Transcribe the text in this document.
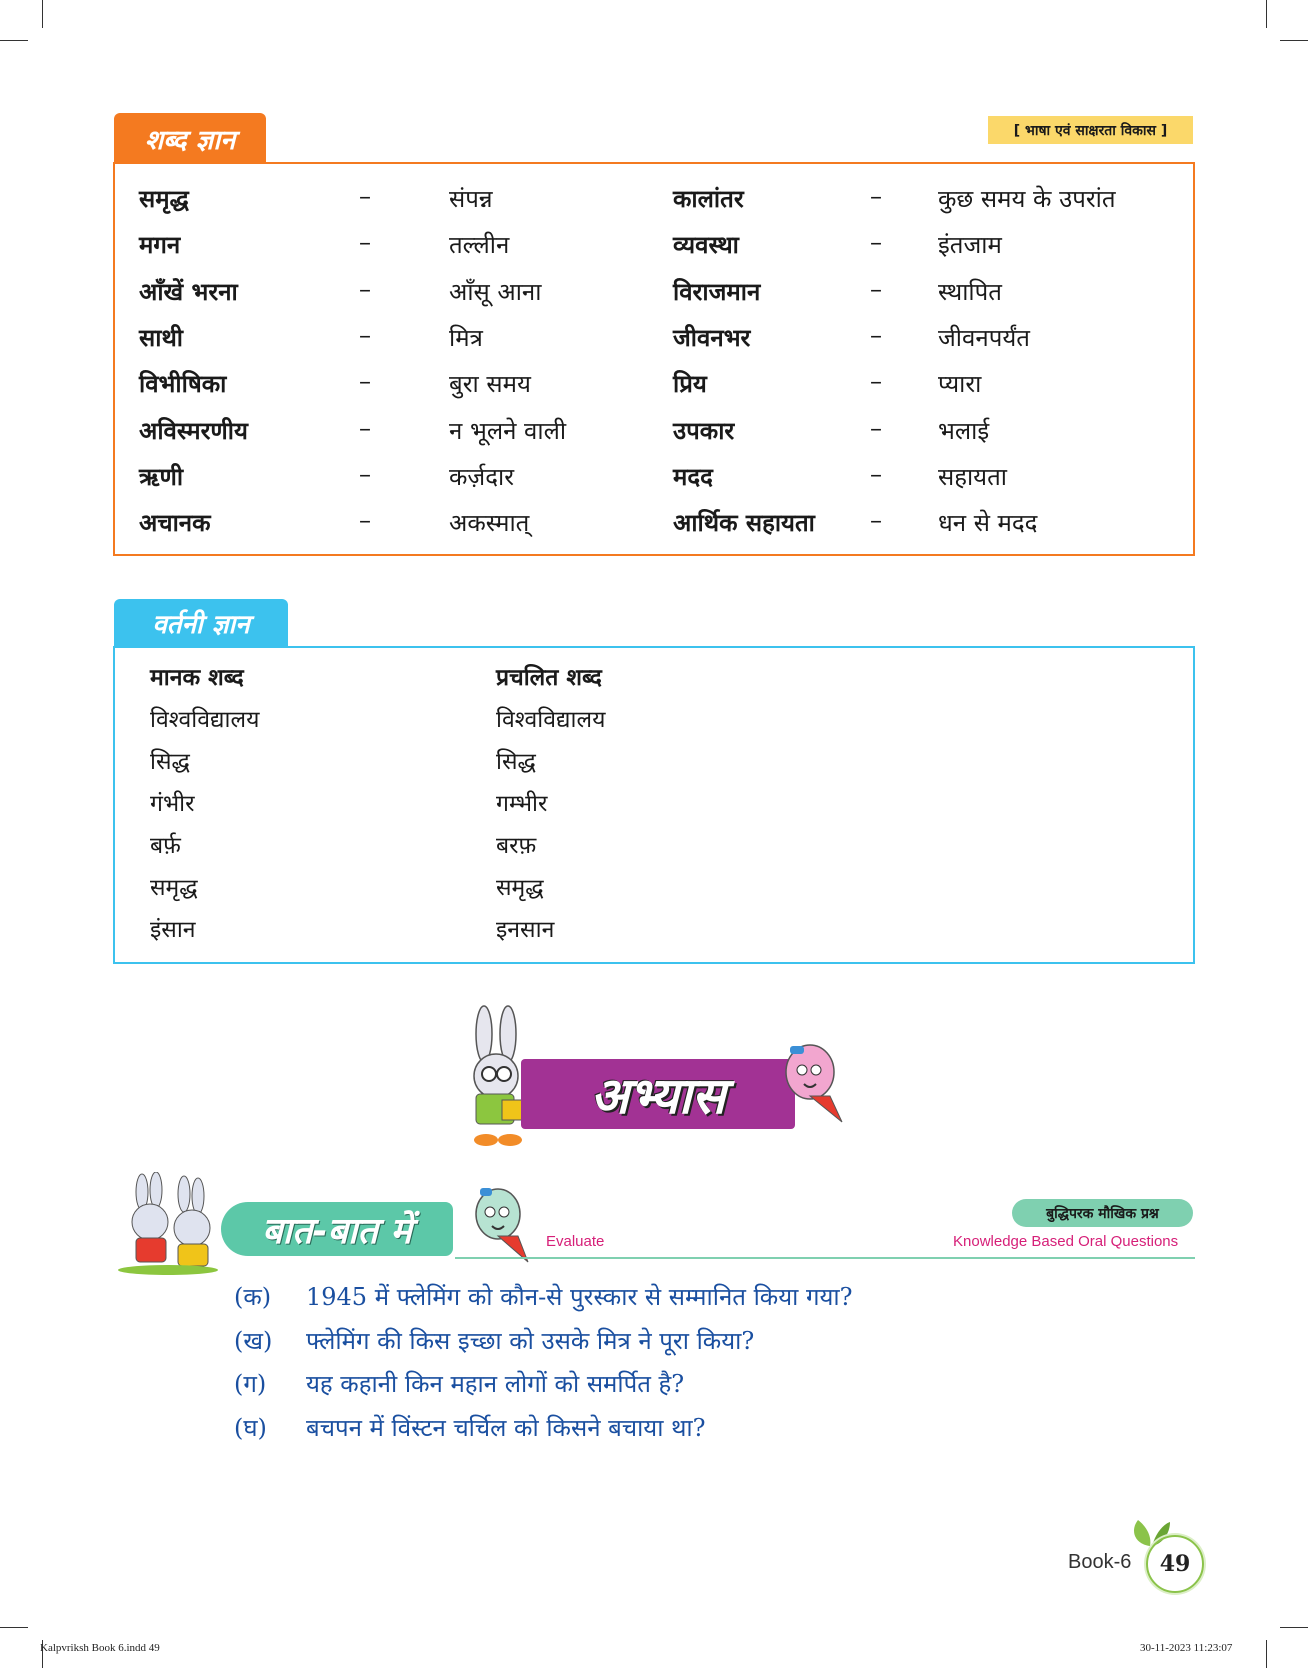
शब्द ज्ञान	[ भाषा एवं साक्षरता विकास ]
समृद्ध	–	संपन्न	कालांतर	– कुछ समय के उपरांत
मगन	–	तल्लीन	व्यवस्था	– इंतजाम
आँखें भरना	–	आँसू आना	विराजमान	– स्थापित
साथी	–	मित्र	जीवनभर	– जीवनपर्यंत
विभीषिका	–	बुरा समय	प्रिय	– प्यारा
अविस्मरणीय	–	न भूलने वाली	उपकार	– भलाई
ऋणी	–	कर्ज़दार	मदद	– सहायता
अचानक	–	अकस्मात्	आर्थिक सहायता – धन से मदद
वर्तनी ज्ञान
मानक शब्द	प्रचलित शब्द
विश्वविद्यालय	विश्वविद्यालय
सिद्ध	सिद्ध
गंभीर	गम्भीर
बर्फ़	बरफ़
समृद्ध	समृद्ध
इंसान	इनसान
अभ्यास
बात-बात में	Evaluate
बुद्धिपरक मौखिक प्रश्न
Knowledge Based Oral Questions
(क) 1945 में फ्लेमिंग को कौन-से पुरस्कार से सम्मानित किया गया?
(ख) फ्लेमिंग की किस इच्छा को उसके मित्र ने पूरा किया?
(ग) यह कहानी किन महान लोगों को समर्पित है?
(घ) बचपन में विंस्टन चर्चिल को किसने बचाया था?
Book-6 49
Kalpvriksh Book 6.indd 49	30-11-2023 11:23:07
